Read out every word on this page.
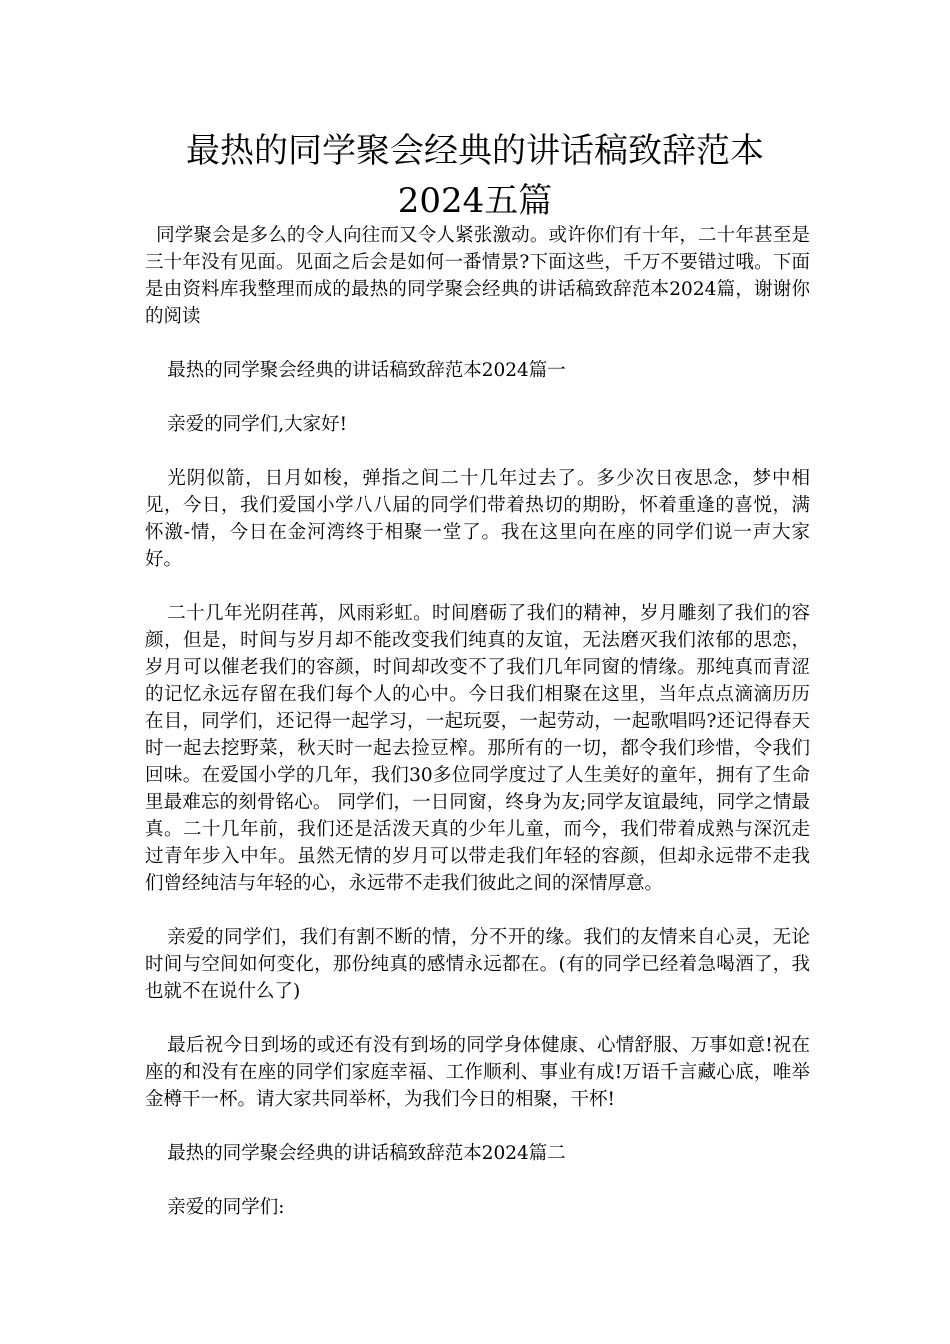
最热的同学聚会经典的讲话稿致辞范本
2024五篇

同学聚会是多么的令人向往而又令人紧张激动。或许你们有十年，二十年甚至是三十年没有见面。见面之后会是如何一番情景?下面这些，千万不要错过哦。下面是由资料库我整理而成的最热的同学聚会经典的讲话稿致辞范本2024篇，谢谢你的阅读

最热的同学聚会经典的讲话稿致辞范本2024篇一

亲爱的同学们,大家好!

光阴似箭，日月如梭，弹指之间二十几年过去了。多少次日夜思念，梦中相见，今日，我们爱国小学八八届的同学们带着热切的期盼，怀着重逢的喜悦，满怀激-情，今日在金河湾终于相聚一堂了。我在这里向在座的同学们说一声大家好。

二十几年光阴荏苒，风雨彩虹。时间磨砺了我们的精神，岁月雕刻了我们的容颜，但是，时间与岁月却不能改变我们纯真的友谊，无法磨灭我们浓郁的思恋，岁月可以催老我们的容颜，时间却改变不了我们几年同窗的情缘。那纯真而青涩的记忆永远存留在我们每个人的心中。今日我们相聚在这里，当年点点滴滴历历在目，同学们，还记得一起学习，一起玩耍，一起劳动，一起歌唱吗?还记得春天时一起去挖野菜，秋天时一起去捡豆榨。那所有的一切，都令我们珍惜，令我们回味。在爱国小学的几年，我们30多位同学度过了人生美好的童年，拥有了生命里最难忘的刻骨铭心。 同学们，一日同窗，终身为友;同学友谊最纯，同学之情最真。二十几年前，我们还是活泼天真的少年儿童，而今，我们带着成熟与深沉走过青年步入中年。虽然无情的岁月可以带走我们年轻的容颜，但却永远带不走我们曾经纯洁与年轻的心，永远带不走我们彼此之间的深情厚意。

亲爱的同学们，我们有割不断的情，分不开的缘。我们的友情来自心灵，无论时间与空间如何变化，那份纯真的感情永远都在。(有的同学已经着急喝酒了，我也就不在说什么了)

最后祝今日到场的或还有没有到场的同学身体健康、心情舒服、万事如意!祝在座的和没有在座的同学们家庭幸福、工作顺利、事业有成!万语千言藏心底，唯举金樽干一杯。请大家共同举杯，为我们今日的相聚，干杯!

最热的同学聚会经典的讲话稿致辞范本2024篇二

亲爱的同学们:
